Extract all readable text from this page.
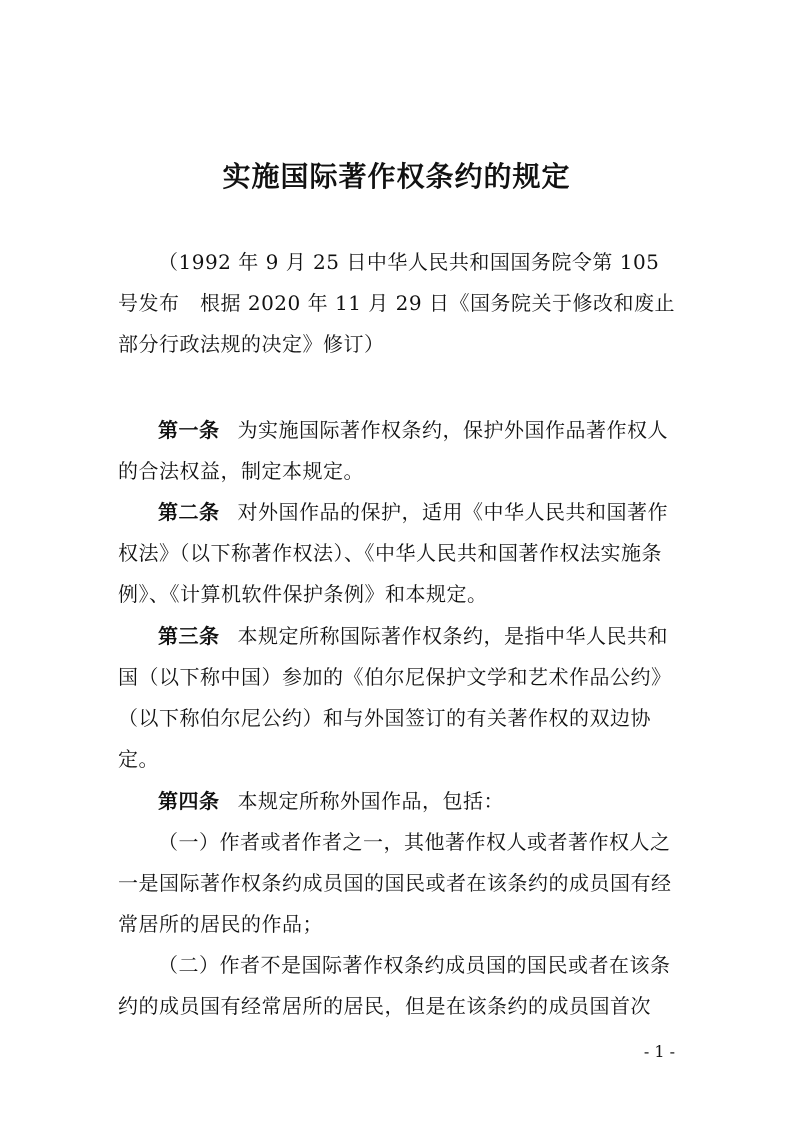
实施国际著作权条约的规定

（1992 年 9 月 25 日中华人民共和国国务院令第 105 号发布　根据 2020 年 11 月 29 日《国务院关于修改和废止部分行政法规的决定》修订）

第一条 为实施国际著作权条约，保护外国作品著作权人的合法权益，制定本规定。

第二条 对外国作品的保护，适用《中华人民共和国著作权法》（以下称著作权法）、《中华人民共和国著作权法实施条例》、《计算机软件保护条例》和本规定。

第三条 本规定所称国际著作权条约，是指中华人民共和国（以下称中国）参加的《伯尔尼保护文学和艺术作品公约》（以下称伯尔尼公约）和与外国签订的有关著作权的双边协定。

第四条 本规定所称外国作品，包括：

（一）作者或者作者之一，其他著作权人或者著作权人之一是国际著作权条约成员国的国民或者在该条约的成员国有经常居所的居民的作品；

（二）作者不是国际著作权条约成员国的国民或者在该条约的成员国有经常居所的居民，但是在该条约的成员国首次

- 1 -
